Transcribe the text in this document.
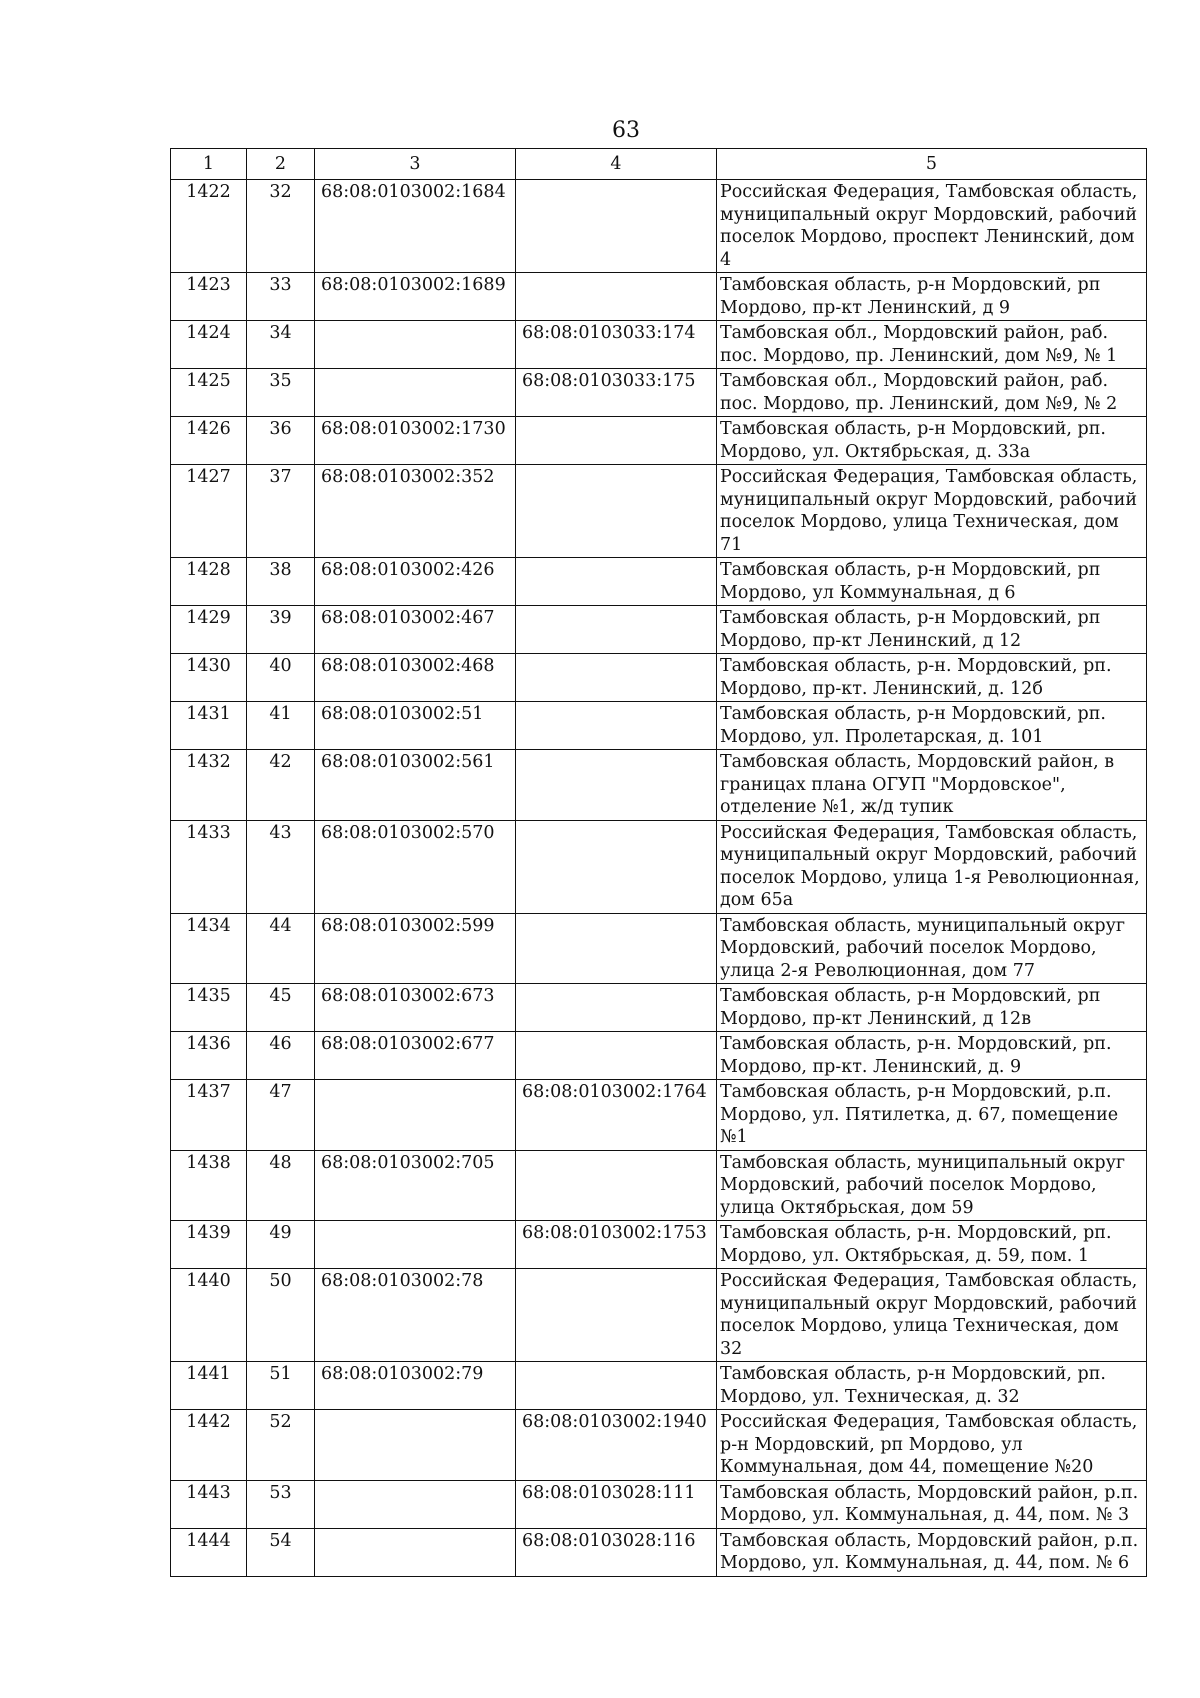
63
1	2	3	4	5
1422	32	68:08:0103002:1684		Российская Федерация, Тамбовская область, муниципальный округ Мордовский, рабочий поселок Мордово, проспект Ленинский, дом 4
1423	33	68:08:0103002:1689		Тамбовская область, р-н Мордовский, рп Мордово, пр-кт Ленинский, д 9
1424	34		68:08:0103033:174	Тамбовская обл., Мордовский район, раб. пос. Мордово, пр. Ленинский, дом №9, № 1
1425	35		68:08:0103033:175	Тамбовская обл., Мордовский район, раб. пос. Мордово, пр. Ленинский, дом №9, № 2
1426	36	68:08:0103002:1730		Тамбовская область, р-н Мордовский, рп. Мордово, ул. Октябрьская, д. 33а
1427	37	68:08:0103002:352		Российская Федерация, Тамбовская область, муниципальный округ Мордовский, рабочий поселок Мордово, улица Техническая, дом 71
1428	38	68:08:0103002:426		Тамбовская область, р-н Мордовский, рп Мордово, ул Коммунальная, д 6
1429	39	68:08:0103002:467		Тамбовская область, р-н Мордовский, рп Мордово, пр-кт Ленинский, д 12
1430	40	68:08:0103002:468		Тамбовская область, р-н. Мордовский, рп. Мордово, пр-кт. Ленинский, д. 12б
1431	41	68:08:0103002:51		Тамбовская область, р-н Мордовский, рп. Мордово, ул. Пролетарская, д. 101
1432	42	68:08:0103002:561		Тамбовская область, Мордовский район, в границах плана ОГУП "Мордовское", отделение №1, ж/д тупик
1433	43	68:08:0103002:570		Российская Федерация, Тамбовская область, муниципальный округ Мордовский, рабочий поселок Мордово, улица 1-я Революционная, дом 65а
1434	44	68:08:0103002:599		Тамбовская область, муниципальный округ Мордовский, рабочий поселок Мордово, улица 2-я Революционная, дом 77
1435	45	68:08:0103002:673		Тамбовская область, р-н Мордовский, рп Мордово, пр-кт Ленинский, д 12в
1436	46	68:08:0103002:677		Тамбовская область, р-н. Мордовский, рп. Мордово, пр-кт. Ленинский, д. 9
1437	47		68:08:0103002:1764	Тамбовская область, р-н Мордовский, р.п. Мордово, ул. Пятилетка, д. 67, помещение №1
1438	48	68:08:0103002:705		Тамбовская область, муниципальный округ Мордовский, рабочий поселок Мордово, улица Октябрьская, дом 59
1439	49		68:08:0103002:1753	Тамбовская область, р-н. Мордовский, рп. Мордово, ул. Октябрьская, д. 59, пом. 1
1440	50	68:08:0103002:78		Российская Федерация, Тамбовская область, муниципальный округ Мордовский, рабочий поселок Мордово, улица Техническая, дом 32
1441	51	68:08:0103002:79		Тамбовская область, р-н Мордовский, рп. Мордово, ул. Техническая, д. 32
1442	52		68:08:0103002:1940	Российская Федерация, Тамбовская область, р-н Мордовский, рп Мордово, ул Коммунальная, дом 44, помещение №20
1443	53		68:08:0103028:111	Тамбовская область, Мордовский район, р.п. Мордово, ул. Коммунальная, д. 44, пом. № 3
1444	54		68:08:0103028:116	Тамбовская область, Мордовский район, р.п. Мордово, ул. Коммунальная, д. 44, пом. № 6
